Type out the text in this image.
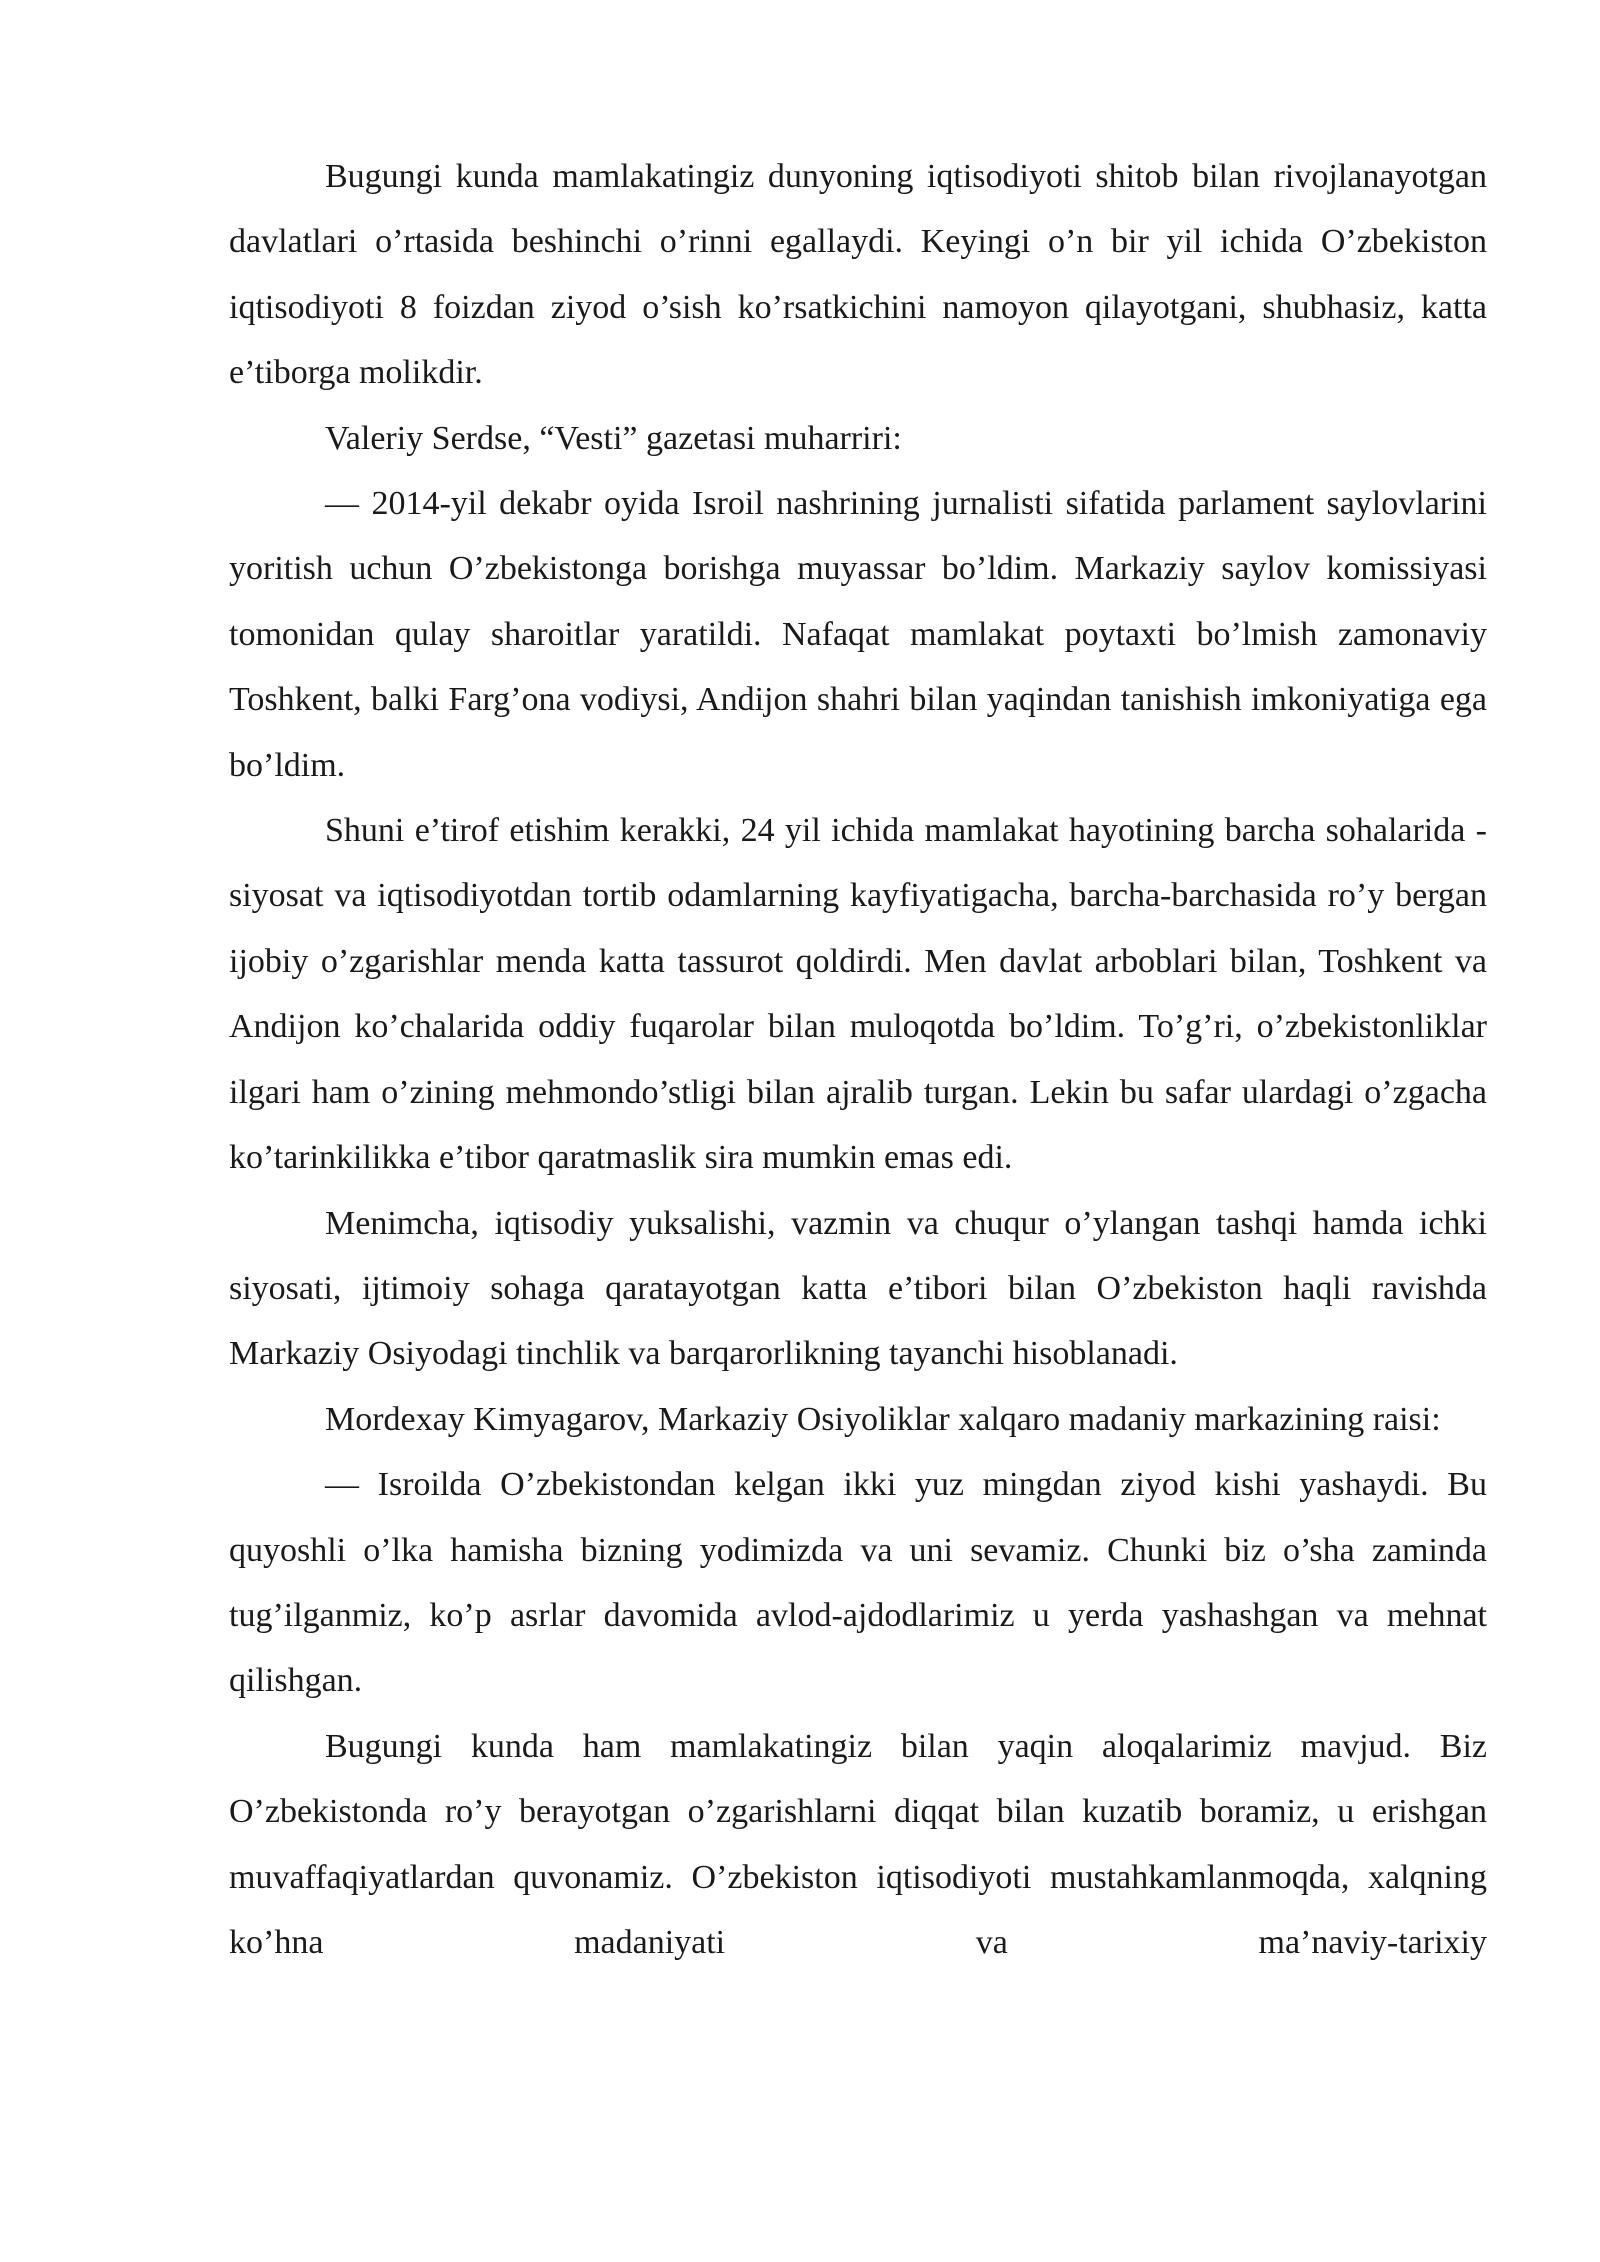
Bugungi kunda mamlakatingiz dunyoning iqtisodiyoti shitob bilan rivojlanayotgan davlatlari o’rtasida beshinchi o’rinni egallaydi. Keyingi o’n bir yil ichida O’zbekiston iqtisodiyoti 8 foizdan ziyod o’sish ko’rsatkichini namoyon qilayotgani, shubhasiz, katta e’tiborga molikdir.

Valeriy Serdse, “Vesti” gazetasi muharriri:

— 2014-yil dekabr oyida Isroil nashrining jurnalisti sifatida parlament saylovlarini yoritish uchun O’zbekistonga borishga muyassar bo’ldim. Markaziy saylov komissiyasi tomonidan qulay sharoitlar yaratildi. Nafaqat mamlakat poytaxti bo’lmish zamonaviy Toshkent, balki Farg’ona vodiysi, Andijon shahri bilan yaqindan tanishish imkoniyatiga ega bo’ldim.

Shuni e’tirof etishim kerakki, 24 yil ichida mamlakat hayotining barcha sohalarida - siyosat va iqtisodiyotdan tortib odamlarning kayfiyatigacha, barcha-barchasida ro’y bergan ijobiy o’zgarishlar menda katta tassurot qoldirdi. Men davlat arboblari bilan, Toshkent va Andijon ko’chalarida oddiy fuqarolar bilan muloqotda bo’ldim. To’g’ri, o’zbekistonliklar ilgari ham o’zining mehmondo’stligi bilan ajralib turgan. Lekin bu safar ulardagi o’zgacha ko’tarinkilikka e’tibor qaratmaslik sira mumkin emas edi.

Menimcha, iqtisodiy yuksalishi, vazmin va chuqur o’ylangan tashqi hamda ichki siyosati, ijtimoiy sohaga qaratayotgan katta e’tibori bilan O’zbekiston haqli ravishda Markaziy Osiyodagi tinchlik va barqarorlikning tayanchi hisoblanadi.

Mordexay Kimyagarov, Markaziy Osiyoliklar xalqaro madaniy markazining raisi:

— Isroilda O’zbekistondan kelgan ikki yuz mingdan ziyod kishi yashaydi. Bu quyoshli o’lka hamisha bizning yodimizda va uni sevamiz. Chunki biz o’sha zaminda tug’ilganmiz, ko’p asrlar davomida avlod-ajdodlarimiz u yerda yashashgan va mehnat qilishgan.

Bugungi kunda ham mamlakatingiz bilan yaqin aloqalarimiz mavjud. Biz O’zbekistonda ro’y berayotgan o’zgarishlarni diqqat bilan kuzatib boramiz, u erishgan muvaffaqiyatlardan quvonamiz. O’zbekiston iqtisodiyoti mustahkamlanmoqda, xalqning ko’hna madaniyati va ma’naviy-tarixiy
